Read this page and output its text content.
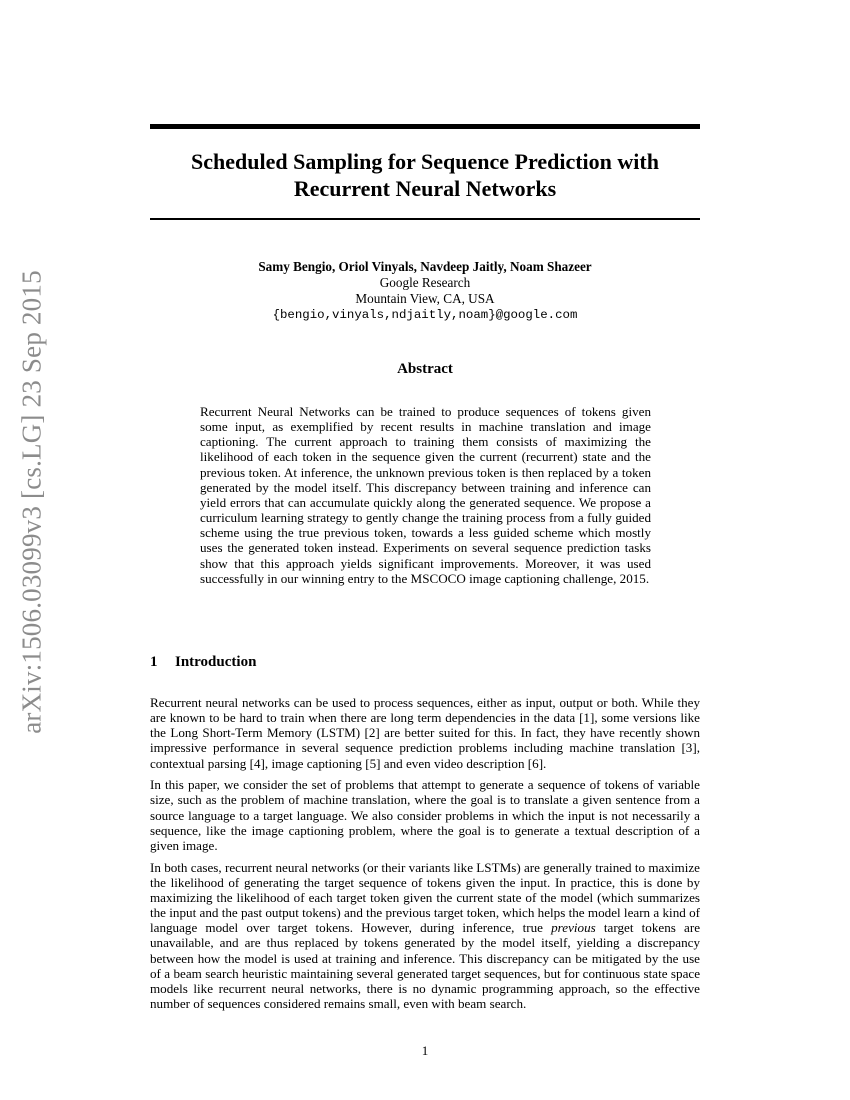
arXiv:1506.03099v3 [cs.LG] 23 Sep 2015
Scheduled Sampling for Sequence Prediction with
Recurrent Neural Networks
Samy Bengio, Oriol Vinyals, Navdeep Jaitly, Noam Shazeer
Google Research
Mountain View, CA, USA
{bengio,vinyals,ndjaitly,noam}@google.com
Abstract
Recurrent Neural Networks can be trained to produce sequences of tokens given some input, as exemplified by recent results in machine translation and image captioning. The current approach to training them consists of maximizing the likelihood of each token in the sequence given the current (recurrent) state and the previous token. At inference, the unknown previous token is then replaced by a token generated by the model itself. This discrepancy between training and inference can yield errors that can accumulate quickly along the generated sequence. We propose a curriculum learning strategy to gently change the training process from a fully guided scheme using the true previous token, towards a less guided scheme which mostly uses the generated token instead. Experiments on several sequence prediction tasks show that this approach yields significant improvements. Moreover, it was used successfully in our winning entry to the MSCOCO image captioning challenge, 2015.
1 Introduction

Recurrent neural networks can be used to process sequences, either as input, output or both. While they are known to be hard to train when there are long term dependencies in the data [1], some versions like the Long Short-Term Memory (LSTM) [2] are better suited for this. In fact, they have recently shown impressive performance in several sequence prediction problems including machine translation [3], contextual parsing [4], image captioning [5] and even video description [6].

In this paper, we consider the set of problems that attempt to generate a sequence of tokens of variable size, such as the problem of machine translation, where the goal is to translate a given sentence from a source language to a target language. We also consider problems in which the input is not necessarily a sequence, like the image captioning problem, where the goal is to generate a textual description of a given image.

In both cases, recurrent neural networks (or their variants like LSTMs) are generally trained to maximize the likelihood of generating the target sequence of tokens given the input. In practice, this is done by maximizing the likelihood of each target token given the current state of the model (which summarizes the input and the past output tokens) and the previous target token, which helps the model learn a kind of language model over target tokens. However, during inference, true previous target tokens are unavailable, and are thus replaced by tokens generated by the model itself, yielding a discrepancy between how the model is used at training and inference. This discrepancy can be mitigated by the use of a beam search heuristic maintaining several generated target sequences, but for continuous state space models like recurrent neural networks, there is no dynamic programming approach, so the effective number of sequences considered remains small, even with beam search.

1
